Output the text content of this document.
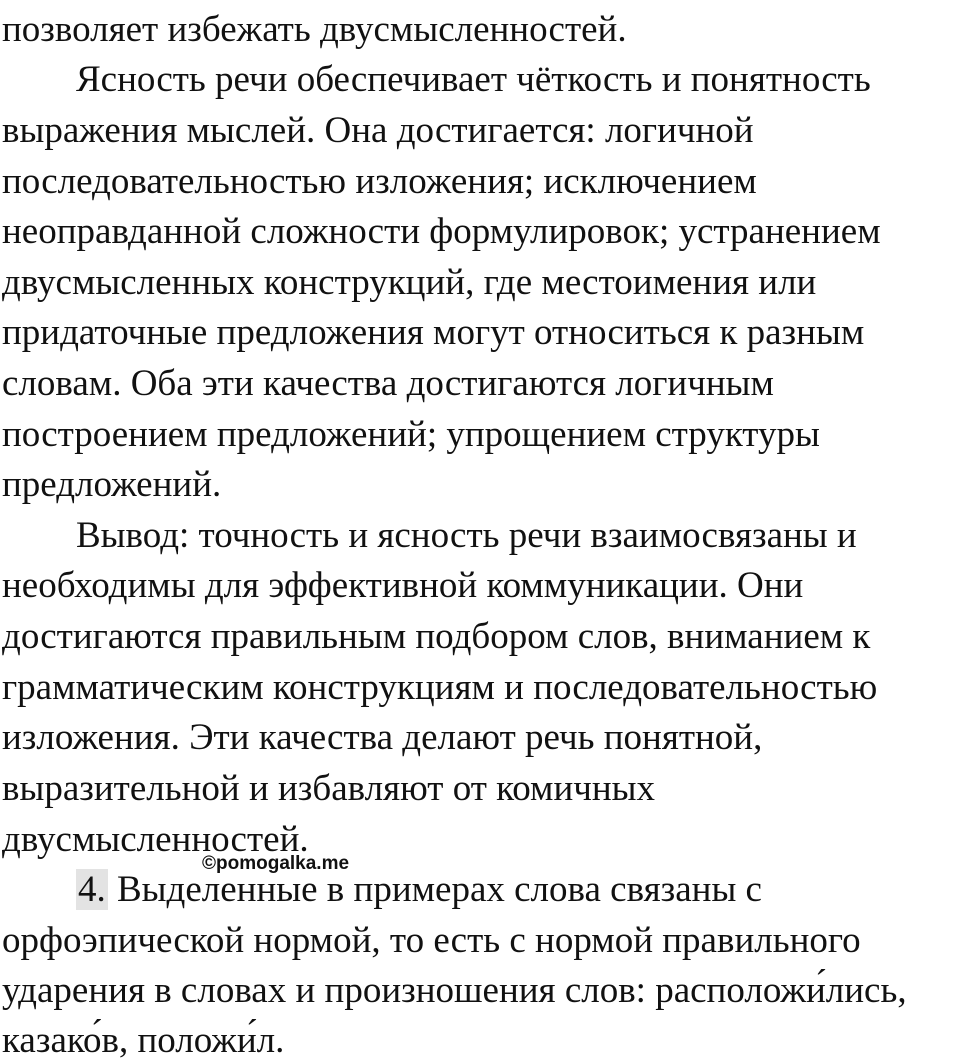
позволяет избежать двусмысленностей.
Ясность речи обеспечивает чёткость и понятность
выражения мыслей. Она достигается: логичной
последовательностью изложения; исключением
неоправданной сложности формулировок; устранением
двусмысленных конструкций, где местоимения или
придаточные предложения могут относиться к разным
словам. Оба эти качества достигаются логичным
построением предложений; упрощением структуры
предложений.
Вывод: точность и ясность речи взаимосвязаны и
необходимы для эффективной коммуникации. Они
достигаются правильным подбором слов, вниманием к
грамматическим конструкциям и последовательностью
изложения. Эти качества делают речь понятной,
выразительной и избавляют от комичных
двусмысленностей.
©pomogalka.me
4. Выделенные в примерах слова связаны с
орфоэпической нормой, то есть с нормой правильного
ударения в словах и произношения слов: расположи́лись,
казако́в, положи́л.
